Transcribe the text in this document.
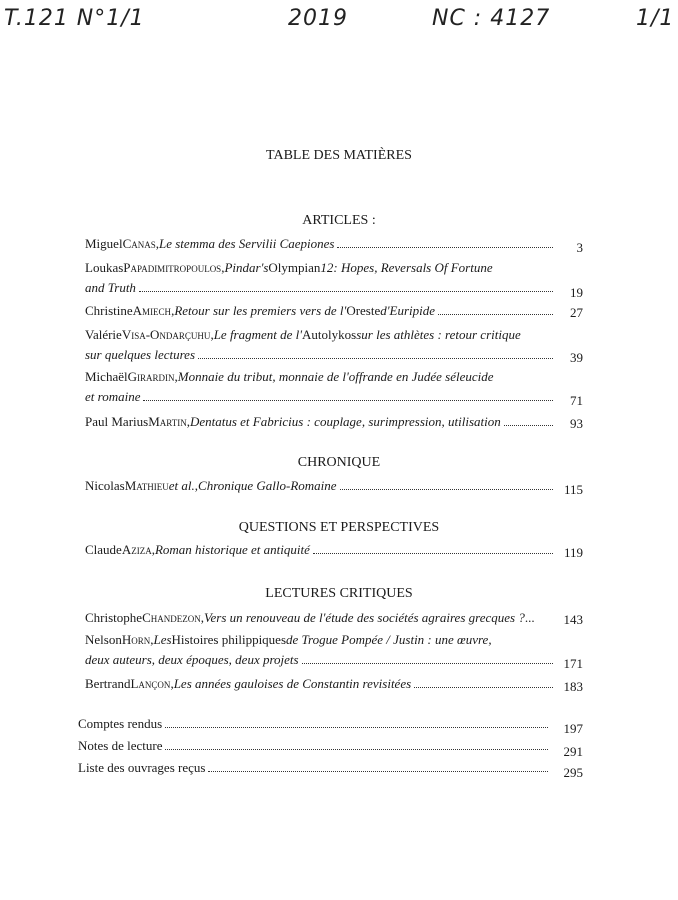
T.121 N°1/1	2019	NC : 4127	1/1
TABLE DES MATIÈRES
ARTICLES :
Miguel Canas , Le stemma des Servilii Caepiones	3
Loukas Papadimitropoulos , Pindar's Olympian 12: Hopes, Reversals Of Fortune
and Truth	19
Christine Amiech , Retour sur les premiers vers de l' Oreste d'Euripide	27
Valérie Visa-Ondarçuhu , Le fragment de l' Autolykos sur les athlètes : retour critique
sur quelques lectures	39
Michaël Girardin , Monnaie du tribut, monnaie de l'offrande en Judée séleucide
et romaine	71
Paul Marius Martin , Dentatus et Fabricius : couplage, surimpression, utilisation	93
CHRONIQUE
Nicolas Mathieu et al. , Chronique Gallo-Romaine	115
QUESTIONS ET PERSPECTIVES
Claude Aziza , Roman historique et antiquité	119
LECTURES CRITIQUES
Christophe Chandezon , Vers un renouveau de l'étude des sociétés agraires grecques ? ... 143
Nelson Horn , Les Histoires philippiques de Trogue Pompée / Justin : une œuvre,
deux auteurs, deux époques, deux projets	171
Bertrand Lançon , Les années gauloises de Constantin revisitées	183
Comptes rendus	197
Notes de lecture	291
Liste des ouvrages reçus	295
